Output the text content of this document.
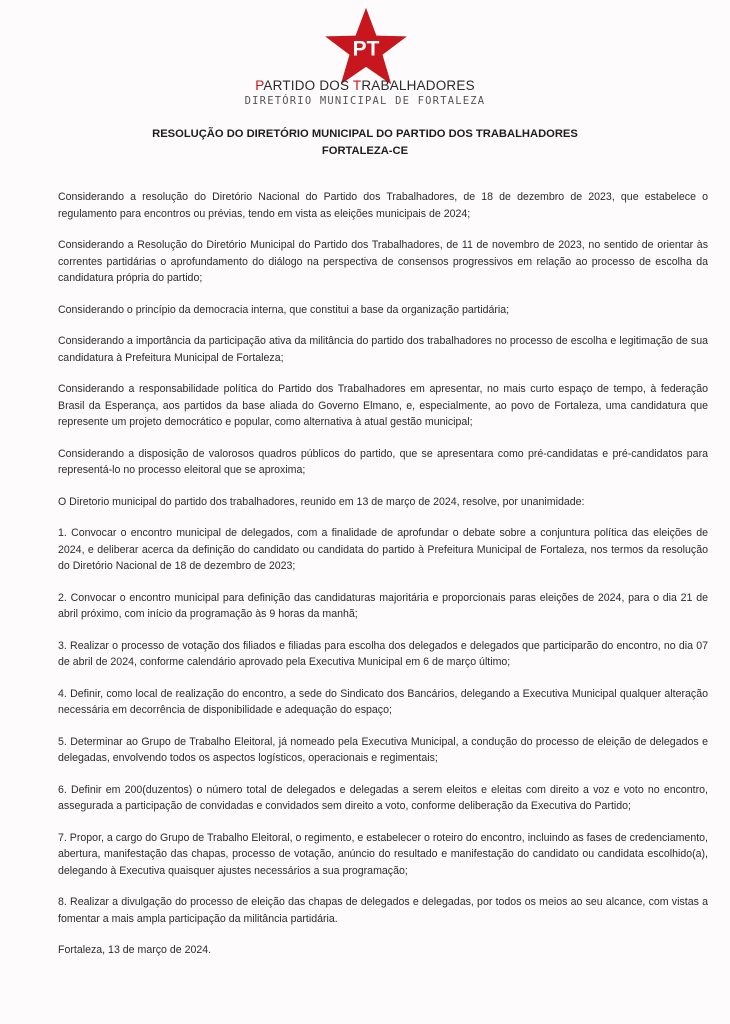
PT
PARTIDO DOS TRABALHADORES
DIRETÓRIO MUNICIPAL DE FORTALEZA
RESOLUÇÃO DO DIRETÓRIO MUNICIPAL DO PARTIDO DOS TRABALHADORES
FORTALEZA-CE

Considerando a resolução do Diretório Nacional do Partido dos Trabalhadores, de 18 de dezembro de 2023, que estabelece o regulamento para encontros ou prévias, tendo em vista as eleições municipais de 2024;

Considerando a Resolução do Diretório Municipal do Partido dos Trabalhadores, de 11 de novembro de 2023, no sentido de orientar às correntes partidárias o aprofundamento do diálogo na perspectiva de consensos progressivos em relação ao processo de escolha da candidatura própria do partido;

Considerando o princípio da democracia interna, que constitui a base da organização partidária;

Considerando a importância da participação ativa da militância do partido dos trabalhadores no processo de escolha e legitimação de sua candidatura à Prefeitura Municipal de Fortaleza;

Considerando a responsabilidade política do Partido dos Trabalhadores em apresentar, no mais curto espaço de tempo, à federação Brasil da Esperança, aos partidos da base aliada do Governo Elmano, e, especialmente, ao povo de Fortaleza, uma candidatura que represente um projeto democrático e popular, como alternativa à atual gestão municipal;

Considerando a disposição de valorosos quadros públicos do partido, que se apresentara como pré-candidatas e pré-candidatos para representá-lo no processo eleitoral que se aproxima;

O Diretorio municipal do partido dos trabalhadores, reunido em 13 de março de 2024, resolve, por unanimidade:

1. Convocar o encontro municipal de delegados, com a finalidade de aprofundar o debate sobre a conjuntura política das eleições de 2024, e deliberar acerca da definição do candidato ou candidata do partido à Prefeitura Municipal de Fortaleza, nos termos da resolução do Diretório Nacional de 18 de dezembro de 2023;

2. Convocar o encontro municipal para definição das candidaturas majoritária e proporcionais paras eleições de 2024, para o dia 21 de abril próximo, com início da programação às 9 horas da manhã;

3. Realizar o processo de votação dos filiados e filiadas para escolha dos delegados e delegados que participarão do encontro, no dia 07 de abril de 2024, conforme calendário aprovado pela Executiva Municipal em 6 de março último;

4. Definir, como local de realização do encontro, a sede do Sindicato dos Bancários, delegando a Executiva Municipal qualquer alteração necessária em decorrência de disponibilidade e adequação do espaço;

5. Determinar ao Grupo de Trabalho Eleitoral, já nomeado pela Executiva Municipal, a condução do processo de eleição de delegados e delegadas, envolvendo todos os aspectos logísticos, operacionais e regimentais;

6. Definir em 200(duzentos) o número total de delegados e delegadas a serem eleitos e eleitas com direito a voz e voto no encontro, assegurada a participação de convidadas e convidados sem direito a voto, conforme deliberação da Executiva do Partido;

7. Propor, a cargo do Grupo de Trabalho Eleitoral, o regimento, e estabelecer o roteiro do encontro, incluindo as fases de credenciamento, abertura, manifestação das chapas, processo de votação, anúncio do resultado e manifestação do candidato ou candidata escolhido(a), delegando à Executiva quaisquer ajustes necessários a sua programação;

8. Realizar a divulgação do processo de eleição das chapas de delegados e delegadas, por todos os meios ao seu alcance, com vistas a fomentar a mais ampla participação da militância partidária.

Fortaleza, 13 de março de 2024.
